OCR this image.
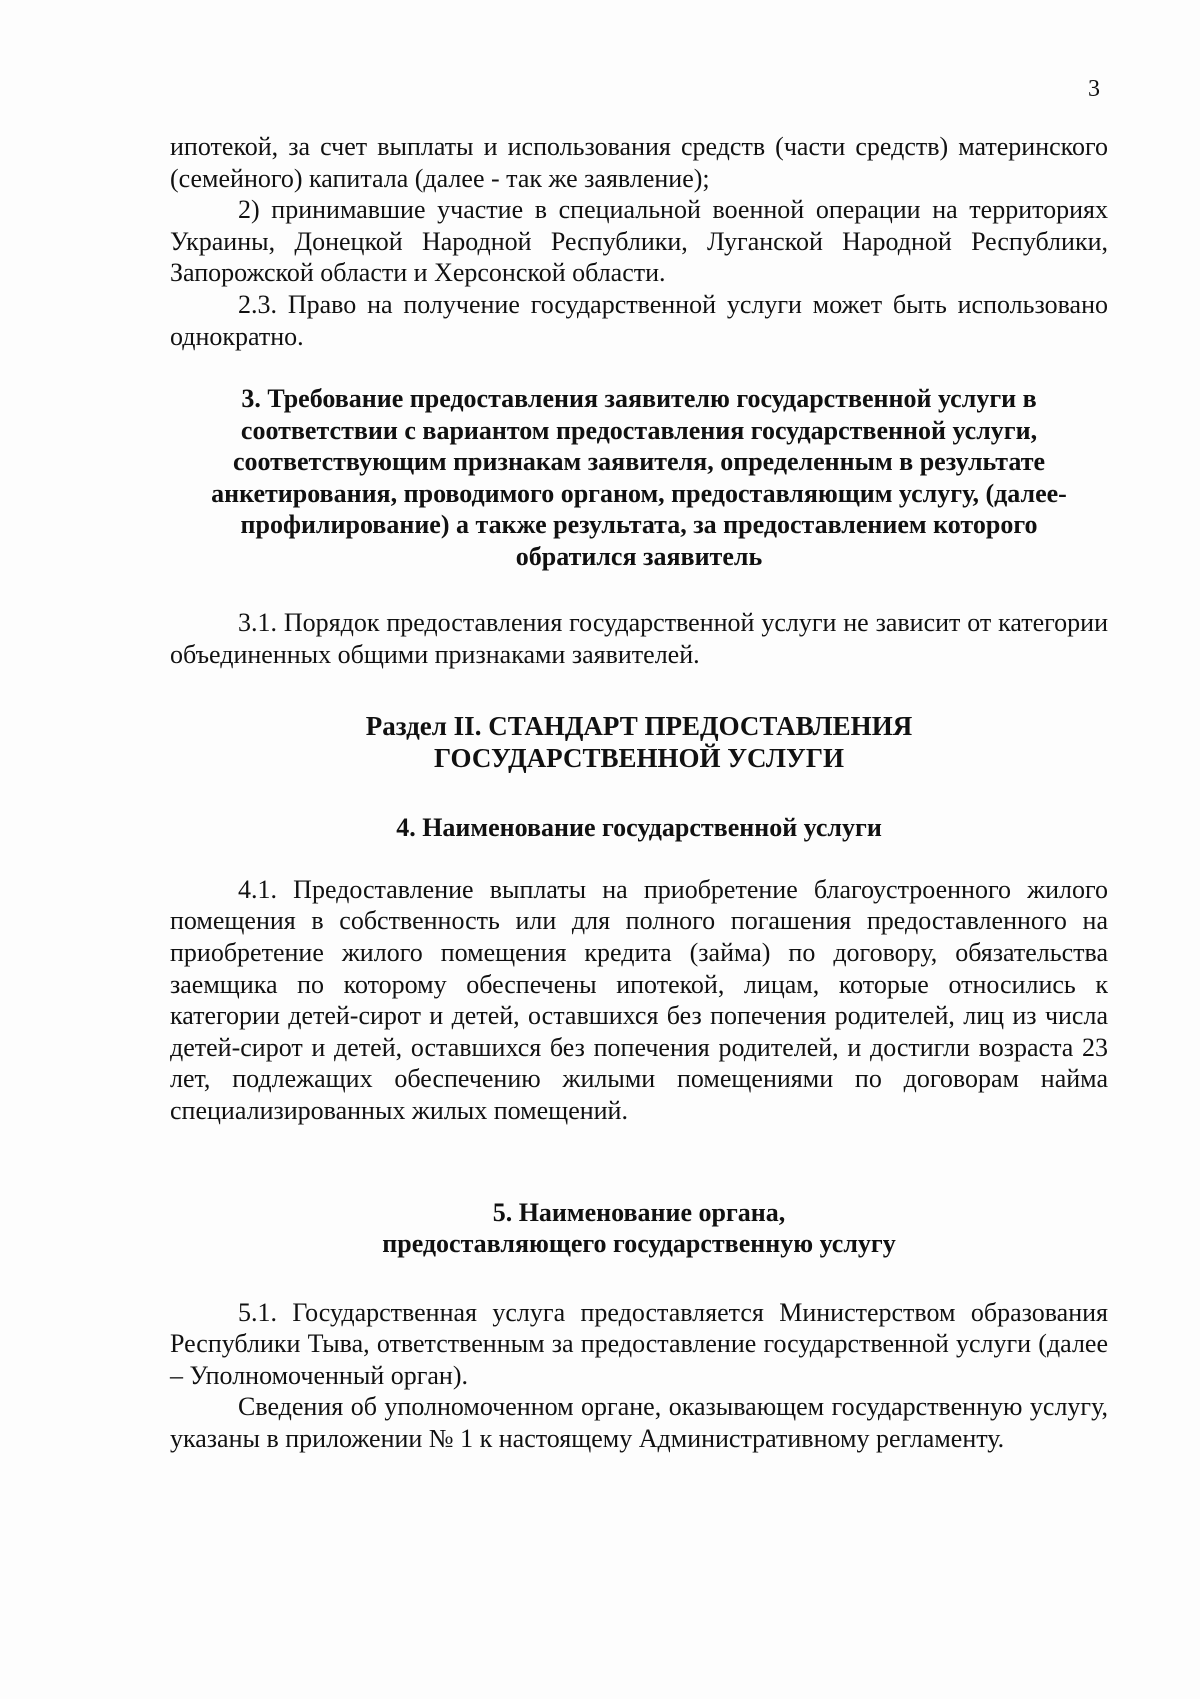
3

ипотекой, за счет выплаты и использования средств (части средств) материнского (семейного) капитала (далее - так же заявление);

2) принимавшие участие в специальной военной операции на территориях Украины, Донецкой Народной Республики, Луганской Народной Республики, Запорожской области и Херсонской области.

2.3. Право на получение государственной услуги может быть использовано однократно.

3. Требование предоставления заявителю государственной услуги в
соответствии с вариантом предоставления государственной услуги,
соответствующим признакам заявителя, определенным в результате
анкетирования, проводимого органом, предоставляющим услугу, (далее-
профилирование) а также результата, за предоставлением которого
обратился заявитель

3.1. Порядок предоставления государственной услуги не зависит от категории объединенных общими признаками заявителей.

Раздел II. СТАНДАРТ ПРЕДОСТАВЛЕНИЯ
ГОСУДАРСТВЕННОЙ УСЛУГИ
4. Наименование государственной услуги

4.1. Предоставление выплаты на приобретение благоустроенного жилого помещения в собственность или для полного погашения предоставленного на приобретение жилого помещения кредита (займа) по договору, обязательства заемщика по которому обеспечены ипотекой, лицам, которые относились к категории детей-сирот и детей, оставшихся без попечения родителей, лиц из числа детей-сирот и детей, оставшихся без попечения родителей, и достигли возраста 23 лет, подлежащих обеспечению жилыми помещениями по договорам найма специализированных жилых помещений.

5. Наименование органа,
предоставляющего государственную услугу

5.1. Государственная услуга предоставляется Министерством образования Республики Тыва, ответственным за предоставление государственной услуги (далее – Уполномоченный орган).

Сведения об уполномоченном органе, оказывающем государственную услугу, указаны в приложении № 1 к настоящему Административному регламенту.
